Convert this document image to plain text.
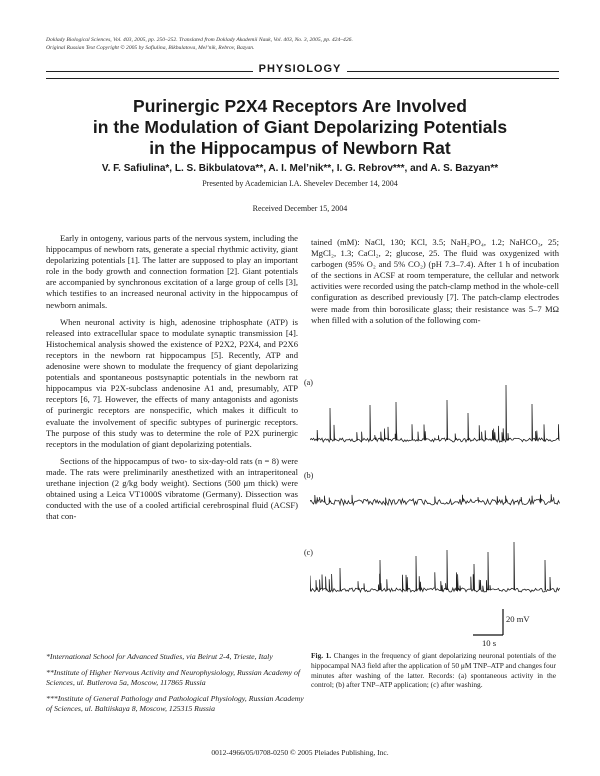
Doklady Biological Sciences, Vol. 403, 2005, pp. 250–252. Translated from Doklady Akademii Nauk, Vol. 403, No. 3, 2005, pp. 424–426.
Original Russian Text Copyright © 2005 by Safiulina, Bikbulatova, Mel’nik, Rebrov, Bazyan.
PHYSIOLOGY
Purinergic P2X4 Receptors Are Involved
in the Modulation of Giant Depolarizing Potentials
in the Hippocampus of Newborn Rat
V. F. Safiulina*, L. S. Bikbulatova**, A. I. Mel’nik**, I. G. Rebrov***, and A. S. Bazyan**
Presented by Academician I.A. Shevelev December 14, 2004
Received December 15, 2004

Early in ontogeny, various parts of the nervous system, including the hippocampus of newborn rats, generate a special rhythmic activity, giant depolarizing potentials [1]. The latter are supposed to play an important role in the body growth and connection formation [2]. Giant potentials are accompanied by synchronous excitation of a large group of cells [3], which testifies to an increased neuronal activity in the hippocampus of newborn animals.

When neuronal activity is high, adenosine triphosphate (ATP) is released into extracellular space to modulate synaptic transmission [4]. Histochemical analysis showed the existence of P2X2, P2X4, and P2X6 receptors in the newborn rat hippocampus [5]. Recently, ATP and adenosine were shown to modulate the frequency of giant depolarizing potentials and spontaneous postsynaptic potentials in the newborn rat hippocampus via P2X-subclass andenosine A1 and, presumably, ATP receptors [6, 7]. However, the effects of many antagonists and agonists of purinergic receptors are nonspecific, which makes it difficult to evaluate the involvement of specific subtypes of purinergic receptors. The purpose of this study was to determine the role of P2X purinergic receptors in the modulation of giant depolarizing potentials.

Sections of the hippocampus of two- to six-day-old rats (n = 8) were made. The rats were preliminarily anesthetized with an intraperitoneal urethane injection (2 g/kg body weight). Sections (500 μm thick) were obtained using a Leica VT1000S vibratome (Germany). Dissection was conducted with the use of a cooled artificial cerebrospinal fluid (ACSF) that con-

tained (mM): NaCl, 130; KCl, 3.5; NaH₂PO₄, 1.2; NaHCO₃, 25; MgCl₂, 1.3; CaCl₂, 2; glucose, 25. The fluid was oxygenized with carbogen (95% O₂ and 5% CO₂) (pH 7.3–7.4). After 1 h of incubation of the sections in ACSF at room temperature, the cellular and network activities were recorded using the patch-clamp method in the whole-cell configuration as described previously [7]. The patch-clamp electrodes were made from thin borosilicate glass; their resistance was 5–7 MΩ when filled with a solution of the following com-

(a)
(b)
(c)
20 mV
10 s
Fig. 1. Changes in the frequency of giant depolarizing neuronal potentials of the hippocampal NA3 field after the application of 50 μM TNP–ATP and changes four minutes after washing of the latter. Records: (a) spontaneous activity in the control; (b) after TNP–ATP application; (c) after washing.
*International School for Advanced Studies, via Beirut 2-4, Trieste, Italy
**Institute of Higher Nervous Activity and Neurophysiology, Russian Academy of Sciences, ul. Butlerova 5a, Moscow, 117865 Russia
***Institute of General Pathology and Pathological Physiology, Russian Academy of Sciences, ul. Baltiiskaya 8, Moscow, 125315 Russia
0012-4966/05/0708-0250 © 2005 Pleiades Publishing, Inc.
